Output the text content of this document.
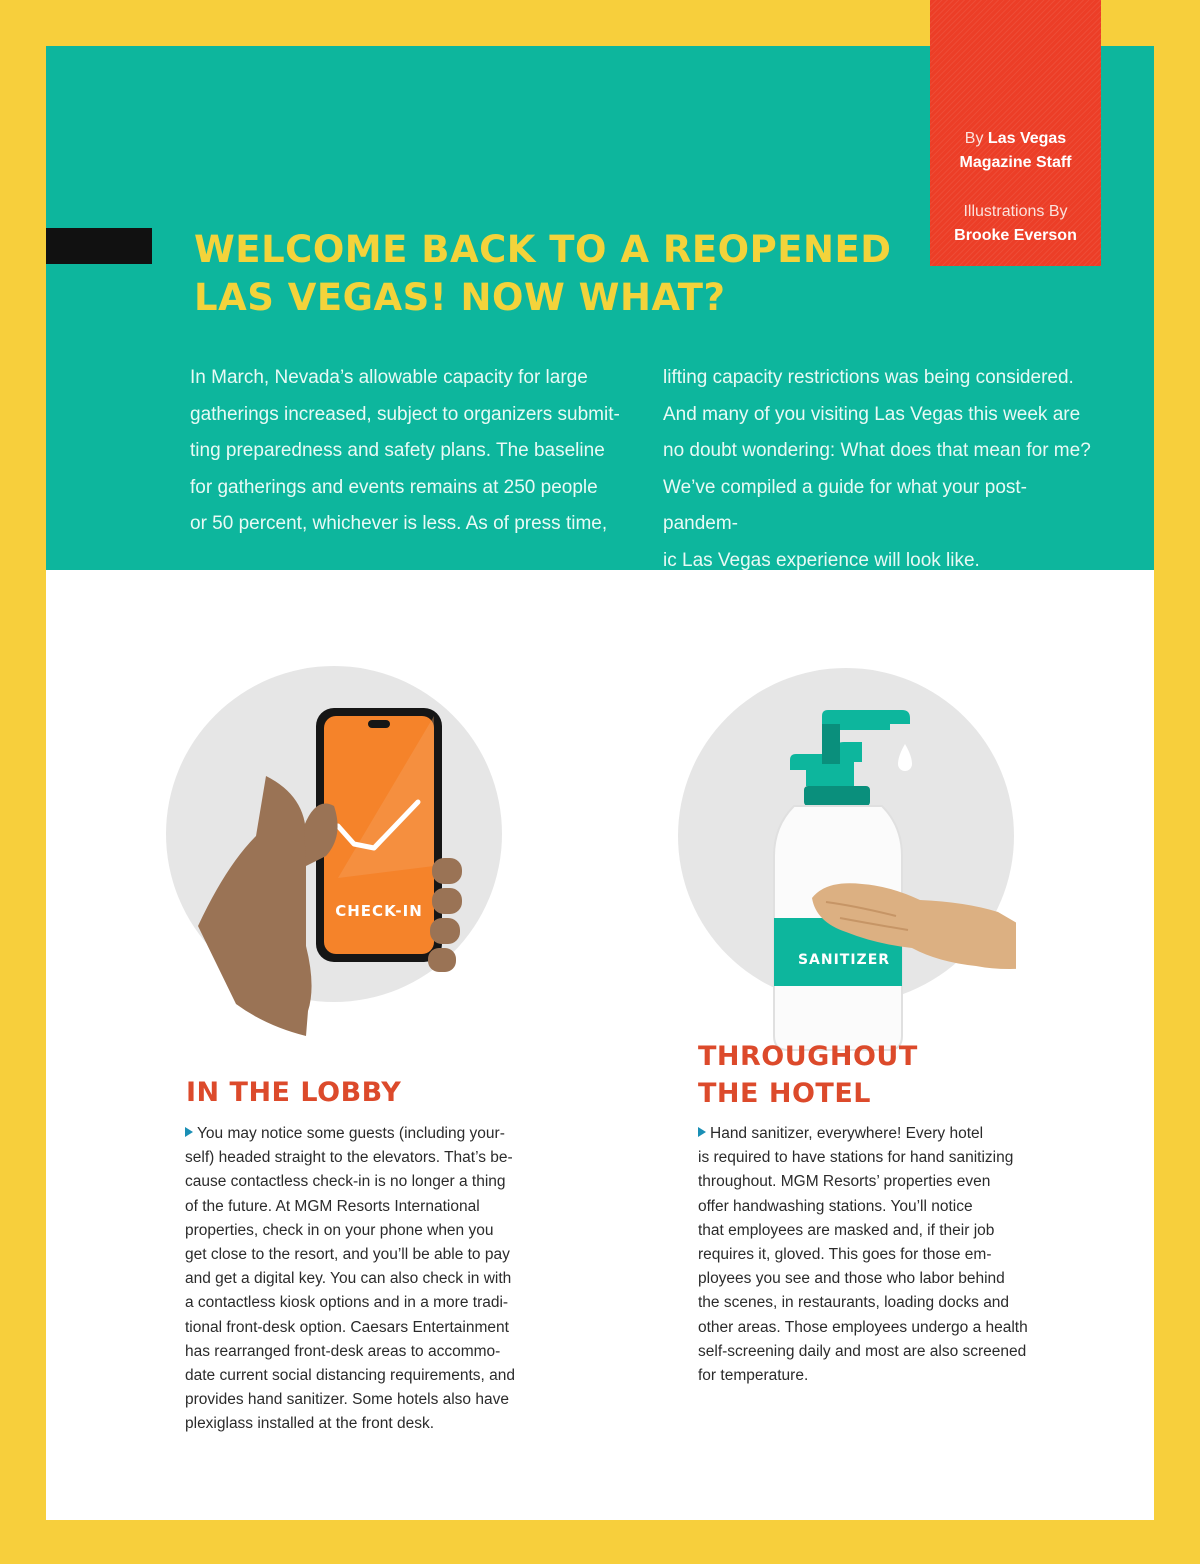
WELCOME BACK TO A REOPENED
LAS VEGAS! NOW WHAT?

In March, Nevada’s allowable capacity for large
gatherings increased, subject to organizers submit-
ting preparedness and safety plans. The baseline
for gatherings and events remains at 250 people
or 50 percent, whichever is less. As of press time,

lifting capacity restrictions was being considered.
And many of you visiting Las Vegas this week are
no doubt wondering: What does that mean for me?
We’ve compiled a guide for what your post-pandem-
ic Las Vegas experience will look like.

By Las Vegas
Magazine Staff
Illustrations By
Brooke Everson
CHECK-IN
SANITIZER
IN THE LOBBY

You may notice some guests (including your-
self) headed straight to the elevators. That’s be-
cause contactless check-in is no longer a thing
of the future. At MGM Resorts International
properties, check in on your phone when you
get close to the resort, and you’ll be able to pay
and get a digital key. You can also check in with
a contactless kiosk options and in a more tradi-
tional front-desk option. Caesars Entertainment
has rearranged front-desk areas to accommo-
date current social distancing requirements, and
provides hand sanitizer. Some hotels also have
plexiglass installed at the front desk.

THROUGHOUT
THE HOTEL

Hand sanitizer, everywhere! Every hotel
is required to have stations for hand sanitizing
throughout. MGM Resorts’ properties even
offer handwashing stations. You’ll notice
that employees are masked and, if their job
requires it, gloved. This goes for those em-
ployees you see and those who labor behind
the scenes, in restaurants, loading docks and
other areas. Those employees undergo a health
self-screening daily and most are also screened
for temperature.
